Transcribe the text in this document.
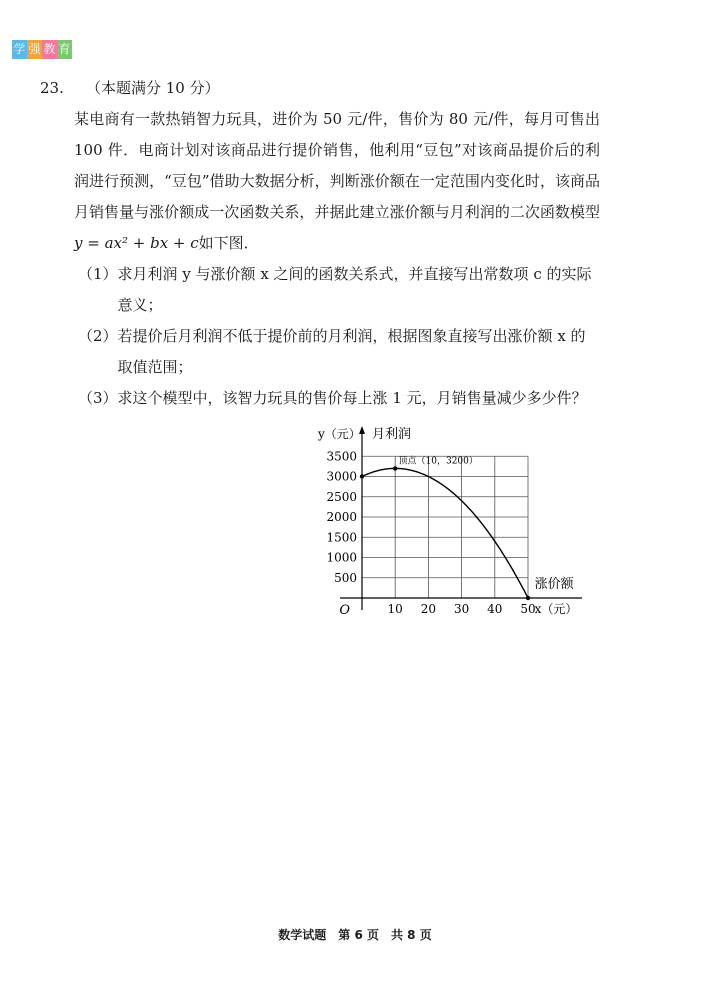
学 强 教 育
23.	（本题满分 10 分）
某电商有一款热销智力玩具，进价为 50 元/件，售价为 80 元/件，每月可售出 100 件．电商计划对该商品进行提价销售，他利用“豆包”对该商品提价后的利润进行预测，“豆包”借助大数据分析，判断涨价额在一定范围内变化时，该商品月销售量与涨价额成一次函数关系，并据此建立涨价额与月利润的二次函数模型y = ax² + bx + c如下图．
（1） 求月利润 y 与涨价额 x 之间的函数关系式，并直接写出常数项 c 的实际意义；
（2） 若提价后月利润不低于提价前的月利润，根据图象直接写出涨价额 x 的取值范围；
（3） 求这个模型中，该智力玩具的售价每上涨 1 元，月销售量减少多少件？
500
1000
1500
2000
2500
3000
3500
10 20 30 40 50
O
y（元） 月利润
x（元）
涨价额
顶点（10，3200）
数学试题　第 6 页　共 8 页
